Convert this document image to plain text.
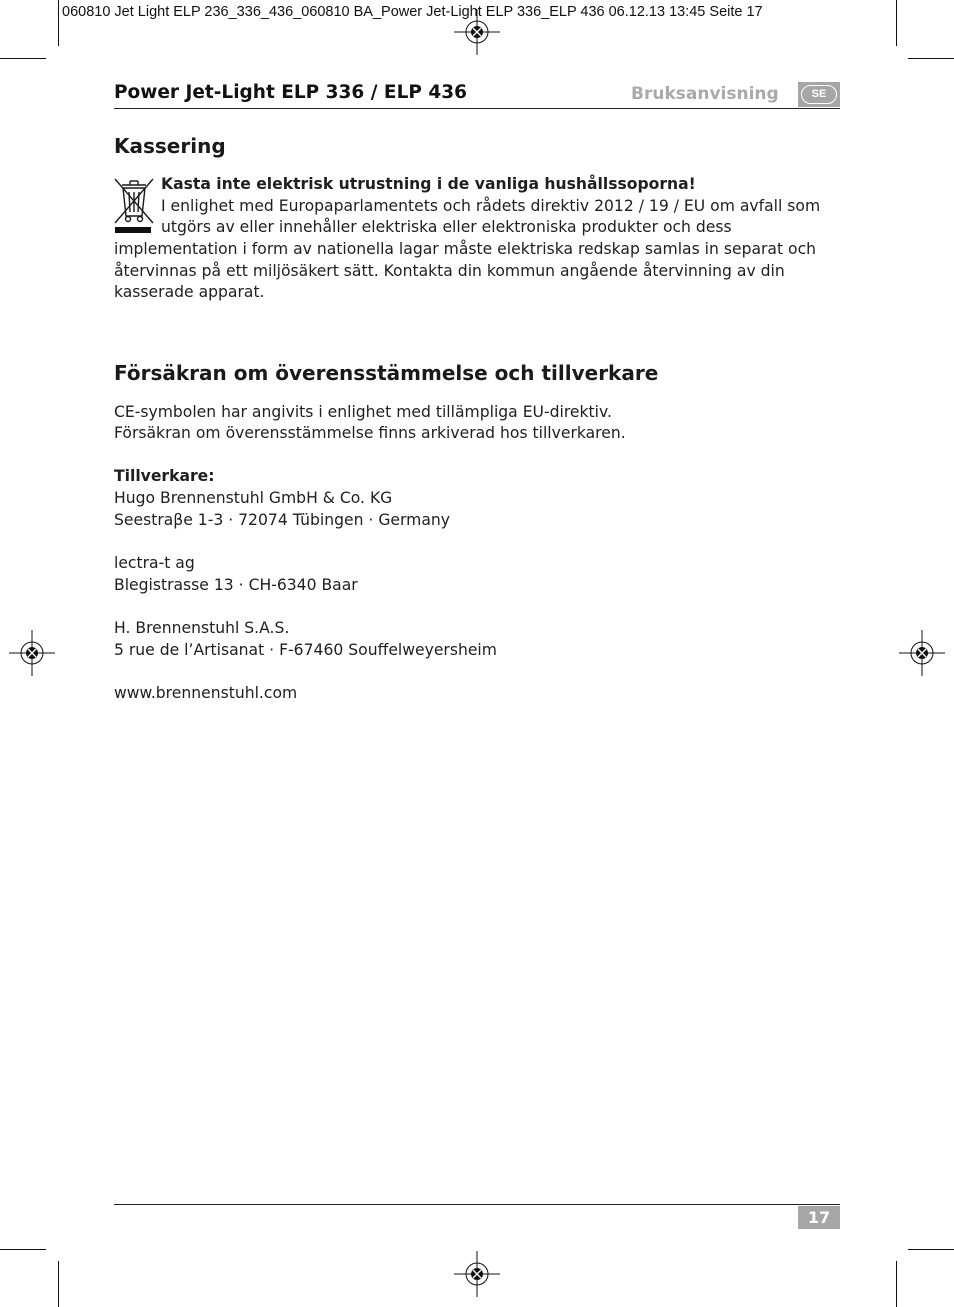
060810 Jet Light ELP 236_336_436_060810 BA_Power Jet-Light ELP 336_ELP 436 06.12.13 13:45 Seite 17
Power Jet-Light ELP 336 / ELP 436	Bruksanvisning	SE
Kassering
Kasta inte elektrisk utrustning i de vanliga hushållssoporna!
I enlighet med Europaparlamentets och rådets direktiv 2012 / 19 / EU om avfall som
utgörs av eller innehåller elektriska eller elektroniska produkter och dess
implementation i form av nationella lagar måste elektriska redskap samlas in separat och
återvinnas på ett miljösäkert sätt. Kontakta din kommun angående återvinning av din
kasserade apparat.
Försäkran om överensstämmelse och tillverkare
CE-symbolen har angivits i enlighet med tillämpliga EU-direktiv.
Försäkran om överensstämmelse finns arkiverad hos tillverkaren.
Tillverkare:
Hugo Brennenstuhl GmbH & Co. KG
Seestraβe 1-3 · 72074 Tübingen · Germany
lectra-t ag
Blegistrasse 13 · CH-6340 Baar
H. Brennenstuhl S.A.S.
5 rue de l’Artisanat · F-67460 Souffelweyersheim
www.brennenstuhl.com
17
